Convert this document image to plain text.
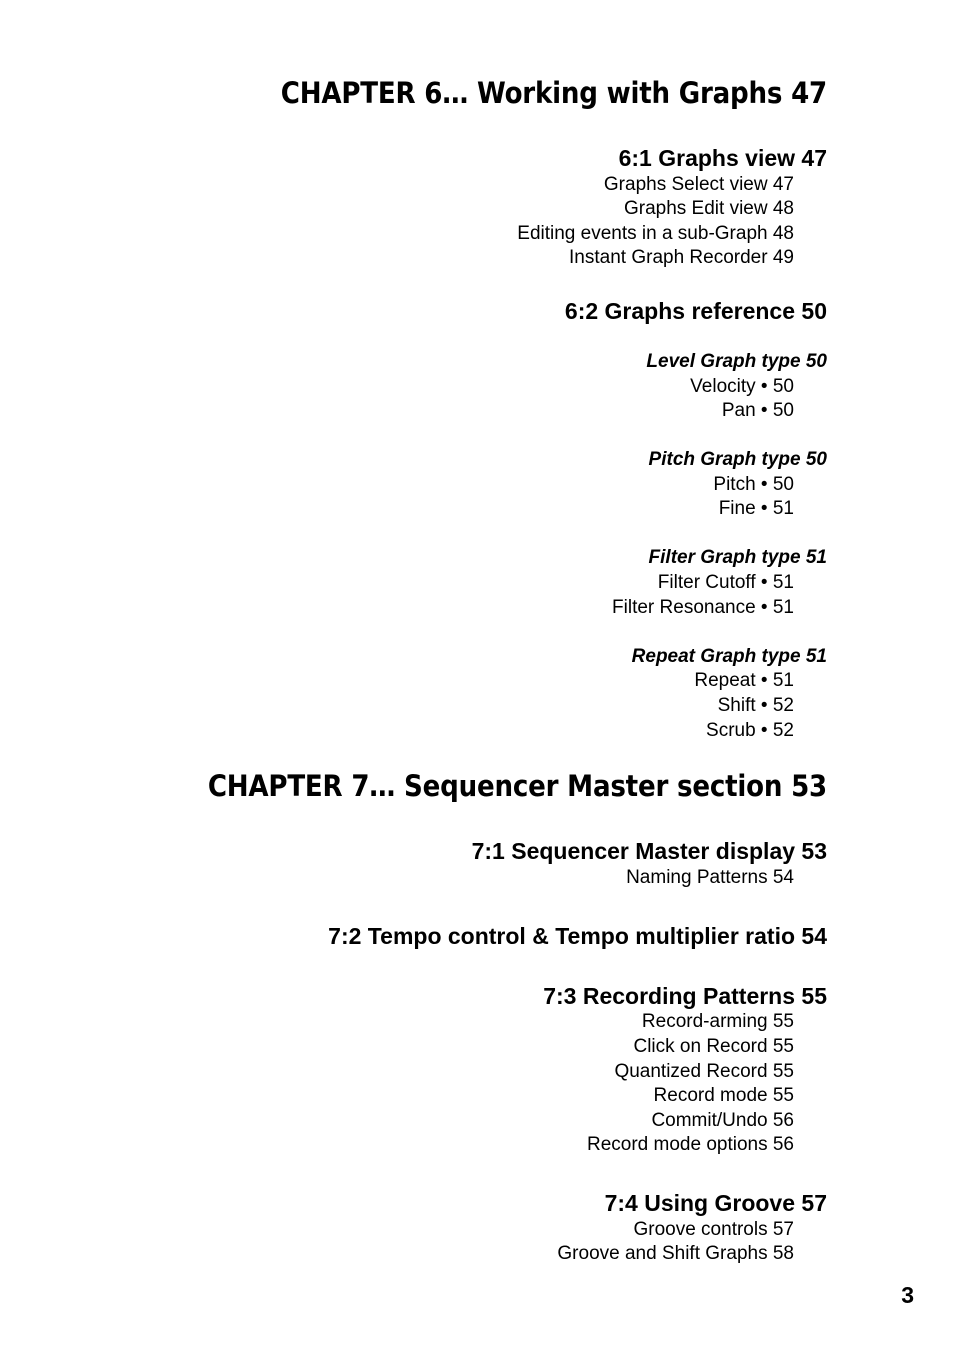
CHAPTER 6… Working with Graphs 47
6:1 Graphs view 47
Graphs Select view 47
Graphs Edit view 48
Editing events in a sub-Graph 48
Instant Graph Recorder 49
6:2 Graphs reference 50
Level Graph type 50
Velocity • 50
Pan • 50
Pitch Graph type 50
Pitch • 50
Fine • 51
Filter Graph type 51
Filter Cutoff • 51
Filter Resonance • 51
Repeat Graph type 51
Repeat • 51
Shift • 52
Scrub • 52
CHAPTER 7… Sequencer Master section 53
7:1 Sequencer Master display 53
Naming Patterns 54
7:2 Tempo control & Tempo multiplier ratio 54
7:3 Recording Patterns 55
Record-arming 55
Click on Record 55
Quantized Record 55
Record mode 55
Commit/Undo 56
Record mode options 56
7:4 Using Groove 57
Groove controls 57
Groove and Shift Graphs 58
3
